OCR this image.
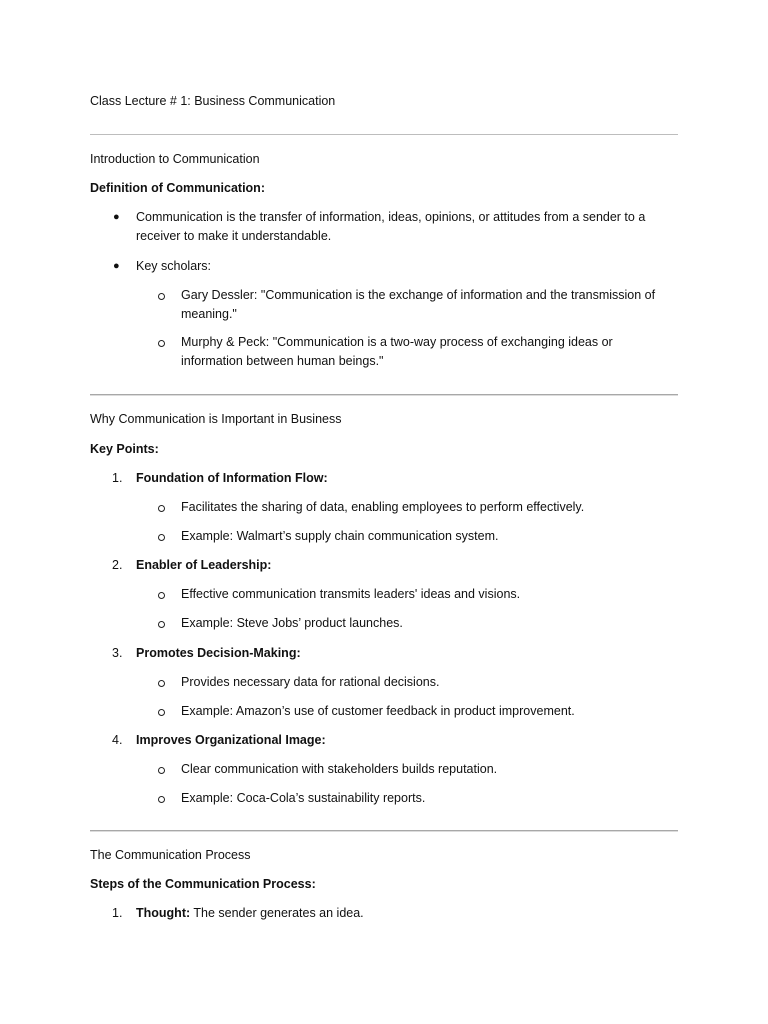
Class Lecture # 1: Business Communication

Introduction to Communication

Definition of Communication:

● Communication is the transfer of information, ideas, opinions, or attitudes from a sender to a

receiver to make it understandable.

● Key scholars:

Gary Dessler: "Communication is the exchange of information and the transmission of

meaning."

Murphy & Peck: "Communication is a two-way process of exchanging ideas or

information between human beings."

Why Communication is Important in Business

Key Points:

1. Foundation of Information Flow:

Facilitates the sharing of data, enabling employees to perform effectively.

Example: Walmart’s supply chain communication system.

2. Enabler of Leadership:

Effective communication transmits leaders' ideas and visions.

Example: Steve Jobs’ product launches.

3. Promotes Decision-Making:

Provides necessary data for rational decisions.

Example: Amazon’s use of customer feedback in product improvement.

4. Improves Organizational Image:

Clear communication with stakeholders builds reputation.

Example: Coca-Cola’s sustainability reports.

The Communication Process

Steps of the Communication Process:

1. Thought: The sender generates an idea.
